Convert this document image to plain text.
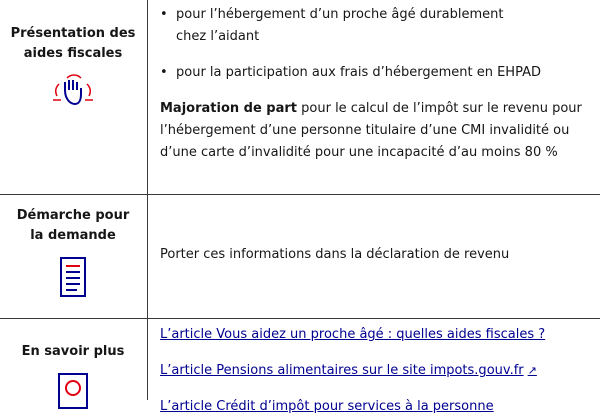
Présentation des aides fiscales
• pour l’hébergement d’un proche âgé durablement
chez l’aidant
• pour la participation aux frais d’hébergement en EHPAD
Majoration de part pour le calcul de l’impôt sur le revenu pour l’hébergement d’une personne titulaire d’une CMI invalidité ou d’une carte d’invalidité pour une incapacité d’au moins 80 %
Démarche pour la demande
Porter ces informations dans la déclaration de revenu
En savoir plus
L’article Vous aidez un proche âgé : quelles aides fiscales ?
L’article Pensions alimentaires sur le site impots.gouv.fr ↗
L’article Crédit d’impôt pour services à la personne
